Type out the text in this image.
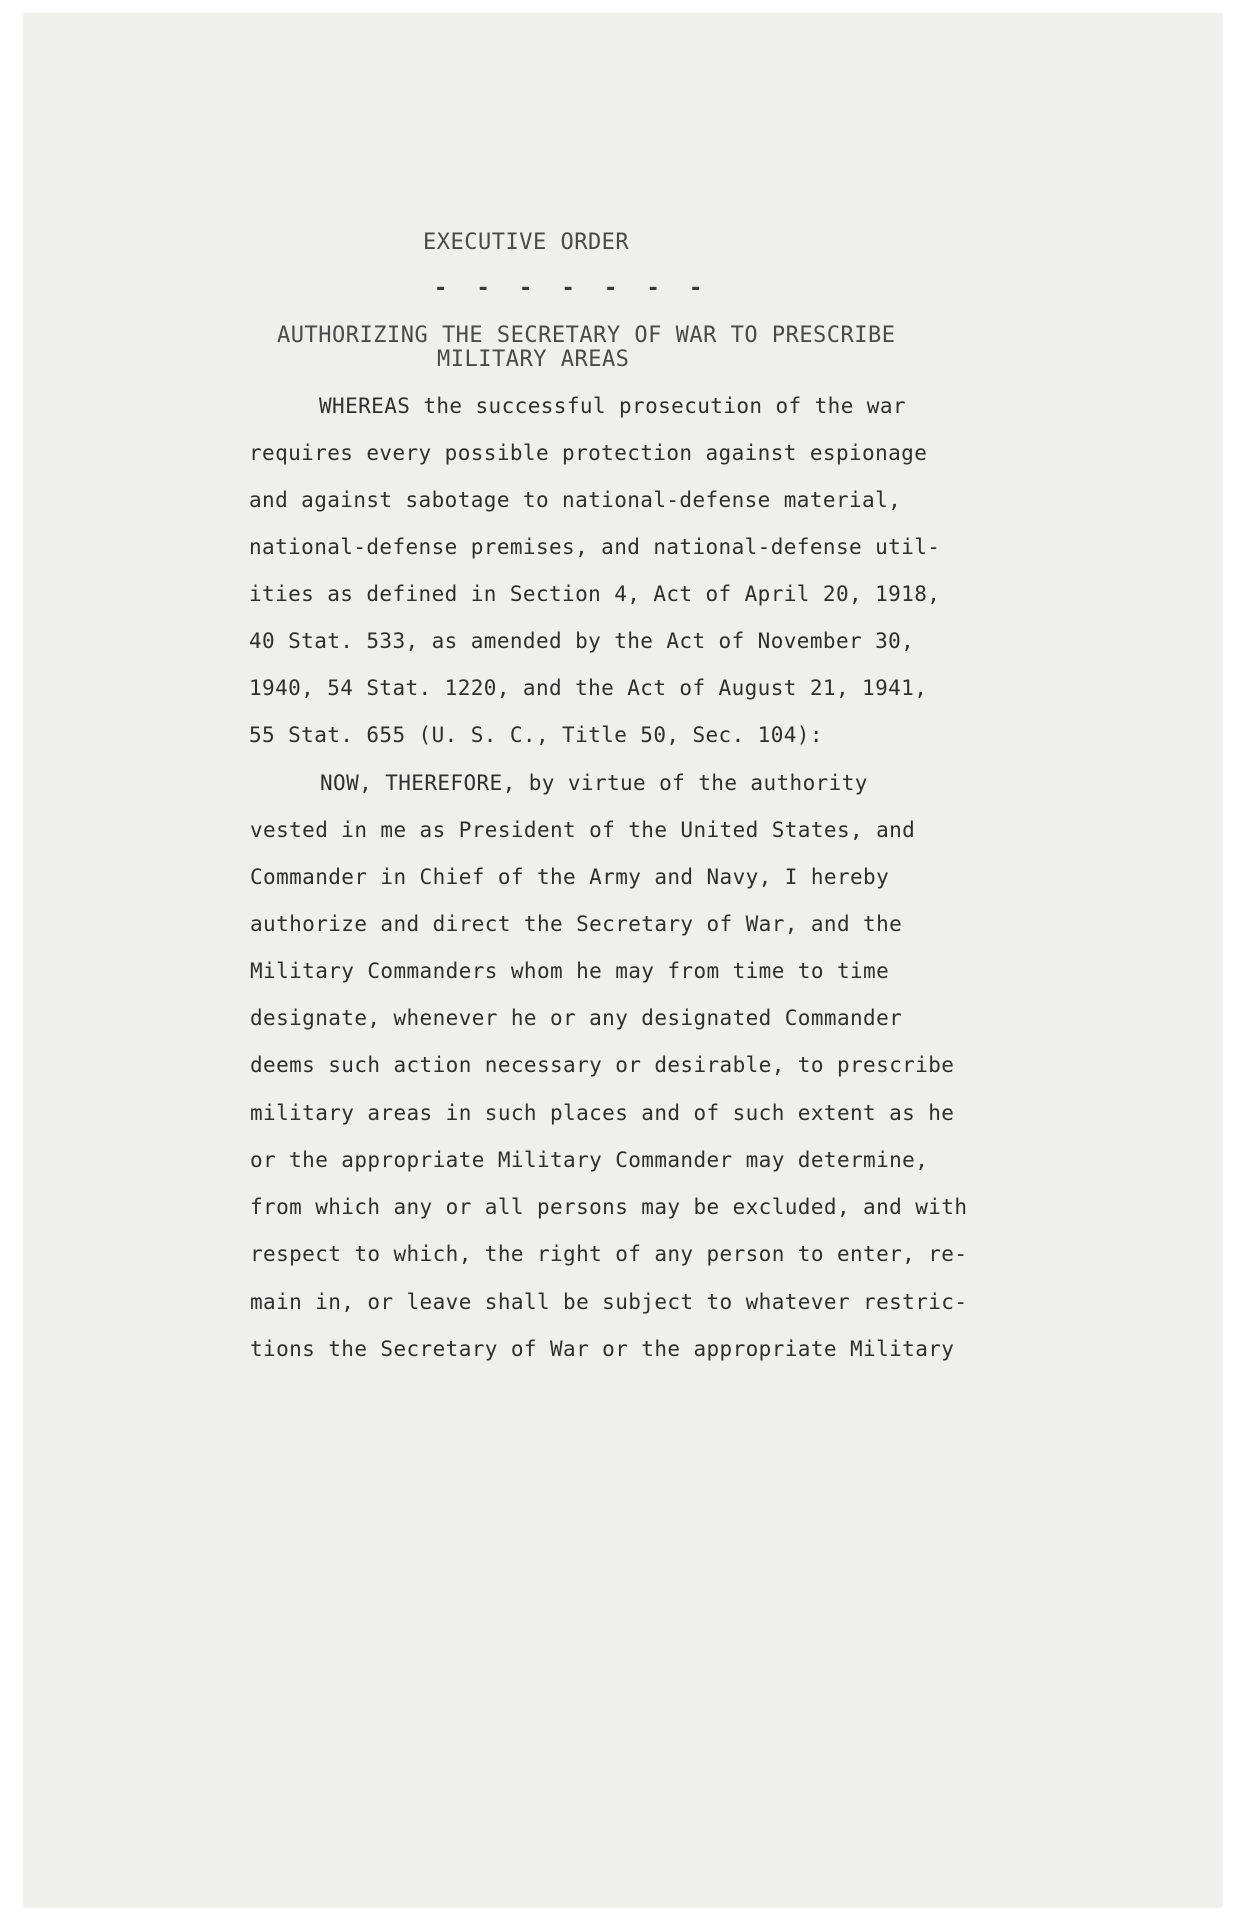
EXECUTIVE ORDER
- - - - - - -
AUTHORIZING THE SECRETARY OF WAR TO PRESCRIBE
MILITARY AREAS
WHEREAS the successful prosecution of the war
requires every possible protection against espionage
and against sabotage to national-defense material,
national-defense premises, and national-defense util-
ities as defined in Section 4, Act of April 20, 1918,
40 Stat. 533, as amended by the Act of November 30,
1940, 54 Stat. 1220, and the Act of August 21, 1941,
55 Stat. 655 (U. S. C., Title 50, Sec. 104):
NOW, THEREFORE, by virtue of the authority
vested in me as President of the United States, and
Commander in Chief of the Army and Navy, I hereby
authorize and direct the Secretary of War, and the
Military Commanders whom he may from time to time
designate, whenever he or any designated Commander
deems such action necessary or desirable, to prescribe
military areas in such places and of such extent as he
or the appropriate Military Commander may determine,
from which any or all persons may be excluded, and with
respect to which, the right of any person to enter, re-
main in, or leave shall be subject to whatever restric-
tions the Secretary of War or the appropriate Military
